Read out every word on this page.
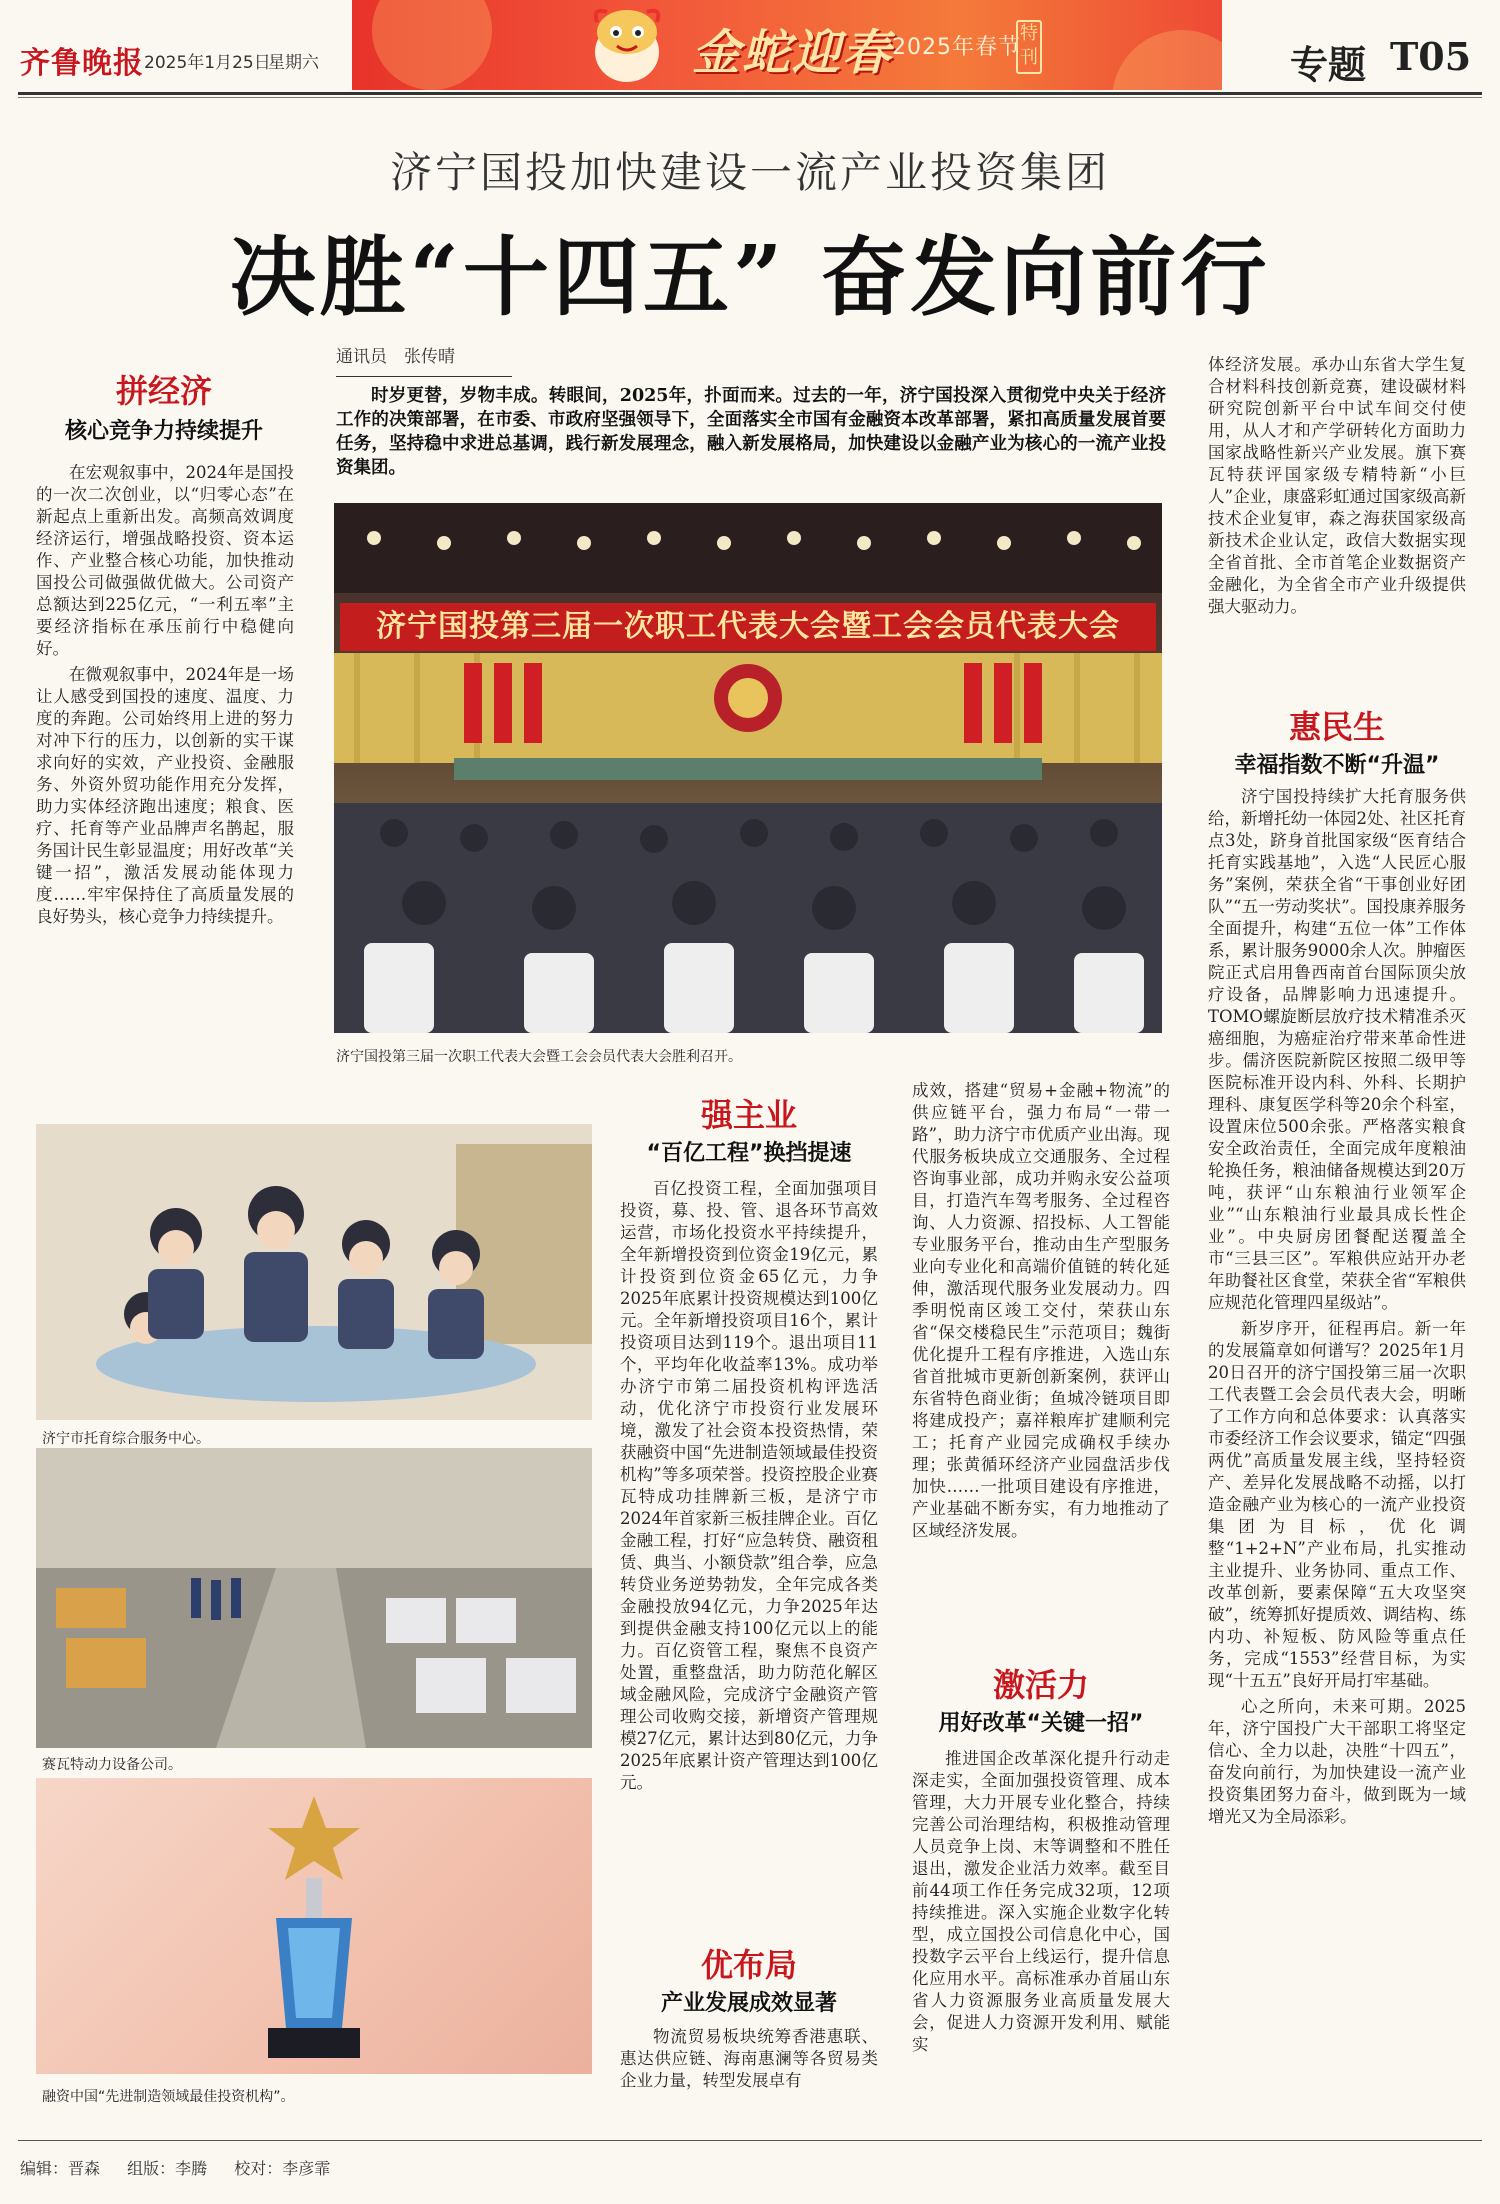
齐鲁晚报 2025年1月25日
星期六	金蛇迎春 2025年春节
特刊	专题 T05
济宁国投加快建设一流产业投资集团
决胜“十四五” 奋发向前行
拼经济
核心竞争力持续提升

在宏观叙事中，2024年是国投的一次二次创业，以“归零心态”在新起点上重新出发。高频高效调度经济运行，增强战略投资、资本运作、产业整合核心功能，加快推动国投公司做强做优做大。公司资产总额达到225亿元，“一利五率”主要经济指标在承压前行中稳健向好。

在微观叙事中，2024年是一场让人感受到国投的速度、温度、力度的奔跑。公司始终用上进的努力对冲下行的压力，以创新的实干谋求向好的实效，产业投资、金融服务、外资外贸功能作用充分发挥，助力实体经济跑出速度；粮食、医疗、托育等产业品牌声名鹊起，服务国计民生彰显温度；用好改革“关键一招”，激活发展动能体现力度……牢牢保持住了高质量发展的良好势头，核心竞争力持续提升。

通讯员　张传晴
时岁更替，岁物丰成。转眼间，2025年，扑面而来。过去的一年，济宁国投深入贯彻党中央关于经济工作的决策部署，在市委、市政府坚强领导下，全面落实全市国有金融资本改革部署，紧扣高质量发展首要任务，坚持稳中求进总基调，践行新发展理念，融入新发展格局，加快建设以金融产业为核心的一流产业投资集团。
济宁国投第三届一次职工代表大会暨工会会员代表大会
济宁国投第三届一次职工代表大会暨工会会员代表大会胜利召开。
济宁市托育综合服务中心。
赛瓦特动力设备公司。
融资中国“先进制造领域最佳投资机构”。
强主业
“百亿工程”换挡提速

百亿投资工程，全面加强项目投资，募、投、管、退各环节高效运营，市场化投资水平持续提升，全年新增投资到位资金19亿元，累计投资到位资金65亿元，力争2025年底累计投资规模达到100亿元。全年新增投资项目16个，累计投资项目达到119个。退出项目11个，平均年化收益率13%。成功举办济宁市第二届投资机构评选活动，优化济宁市投资行业发展环境，激发了社会资本投资热情，荣获融资中国“先进制造领域最佳投资机构”等多项荣誉。投资控股企业赛瓦特成功挂牌新三板，是济宁市2024年首家新三板挂牌企业。百亿金融工程，打好“应急转贷、融资租赁、典当、小额贷款”组合拳，应急转贷业务逆势勃发，全年完成各类金融投放94亿元，力争2025年达到提供金融支持100亿元以上的能力。百亿资管工程，聚焦不良资产处置，重整盘活，助力防范化解区域金融风险，完成济宁金融资产管理公司收购交接，新增资产管理规模27亿元，累计达到80亿元，力争2025年底累计资产管理达到100亿元。

优布局
产业发展成效显著

物流贸易板块统筹香港惠联、惠达供应链、海南惠澜等各贸易类企业力量，转型发展卓有

成效，搭建“贸易+金融+物流”的供应链平台，强力布局“一带一路”，助力济宁市优质产业出海。现代服务板块成立交通服务、全过程咨询事业部，成功并购永安公益项目，打造汽车驾考服务、全过程咨询、人力资源、招投标、人工智能专业服务平台，推动由生产型服务业向专业化和高端价值链的转化延伸，激活现代服务业发展动力。四季明悦南区竣工交付，荣获山东省“保交楼稳民生”示范项目；魏街优化提升工程有序推进，入选山东省首批城市更新创新案例，获评山东省特色商业街；鱼城冷链项目即将建成投产；嘉祥粮库扩建顺利完工；托育产业园完成确权手续办理；张黄循环经济产业园盘活步伐加快……一批项目建设有序推进，产业基础不断夯实，有力地推动了区域经济发展。

激活力
用好改革“关键一招”

推进国企改革深化提升行动走深走实，全面加强投资管理、成本管理，大力开展专业化整合，持续完善公司治理结构，积极推动管理人员竞争上岗、末等调整和不胜任退出，激发企业活力效率。截至目前44项工作任务完成32项，12项持续推进。深入实施企业数字化转型，成立国投公司信息化中心，国投数字云平台上线运行，提升信息化应用水平。高标准承办首届山东省人力资源服务业高质量发展大会，促进人力资源开发利用、赋能实

体经济发展。承办山东省大学生复合材料科技创新竞赛，建设碳材料研究院创新平台中试车间交付使用，从人才和产学研转化方面助力国家战略性新兴产业发展。旗下赛瓦特获评国家级专精特新“小巨人”企业，康盛彩虹通过国家级高新技术企业复审，森之海获国家级高新技术企业认定，政信大数据实现全省首批、全市首笔企业数据资产金融化，为全省全市产业升级提供强大驱动力。

惠民生
幸福指数不断“升温”

济宁国投持续扩大托育服务供给，新增托幼一体园2处、社区托育点3处，跻身首批国家级“医育结合托育实践基地”，入选“人民匠心服务”案例，荣获全省“干事创业好团队”“五一劳动奖状”。国投康养服务全面提升，构建“五位一体”工作体系，累计服务9000余人次。肿瘤医院正式启用鲁西南首台国际顶尖放疗设备，品牌影响力迅速提升。TOMO螺旋断层放疗技术精准杀灭癌细胞，为癌症治疗带来革命性进步。儒济医院新院区按照二级甲等医院标准开设内科、外科、长期护理科、康复医学科等20余个科室，设置床位500余张。严格落实粮食安全政治责任，全面完成年度粮油轮换任务，粮油储备规模达到20万吨，获评“山东粮油行业领军企业”“山东粮油行业最具成长性企业”。中央厨房团餐配送覆盖全市“三县三区”。军粮供应站开办老年助餐社区食堂，荣获全省“军粮供应规范化管理四星级站”。

新岁序开，征程再启。新一年的发展篇章如何谱写？2025年1月20日召开的济宁国投第三届一次职工代表暨工会会员代表大会，明晰了工作方向和总体要求：认真落实市委经济工作会议要求，锚定“四强两优”高质量发展主线，坚持轻资产、差异化发展战略不动摇，以打造金融产业为核心的一流产业投资集团为目标，优化调整“1+2+N”产业布局，扎实推动主业提升、业务协同、重点工作、改革创新，要素保障“五大攻坚突破”，统筹抓好提质效、调结构、练内功、补短板、防风险等重点任务，完成“1553”经营目标，为实现“十五五”良好开局打牢基础。

心之所向，未来可期。2025年，济宁国投广大干部职工将坚定信心、全力以赴，决胜“十四五”，奋发向前行，为加快建设一流产业投资集团努力奋斗，做到既为一域增光又为全局添彩。

编辑：晋森 组版：李腾 校对：李彦霏
